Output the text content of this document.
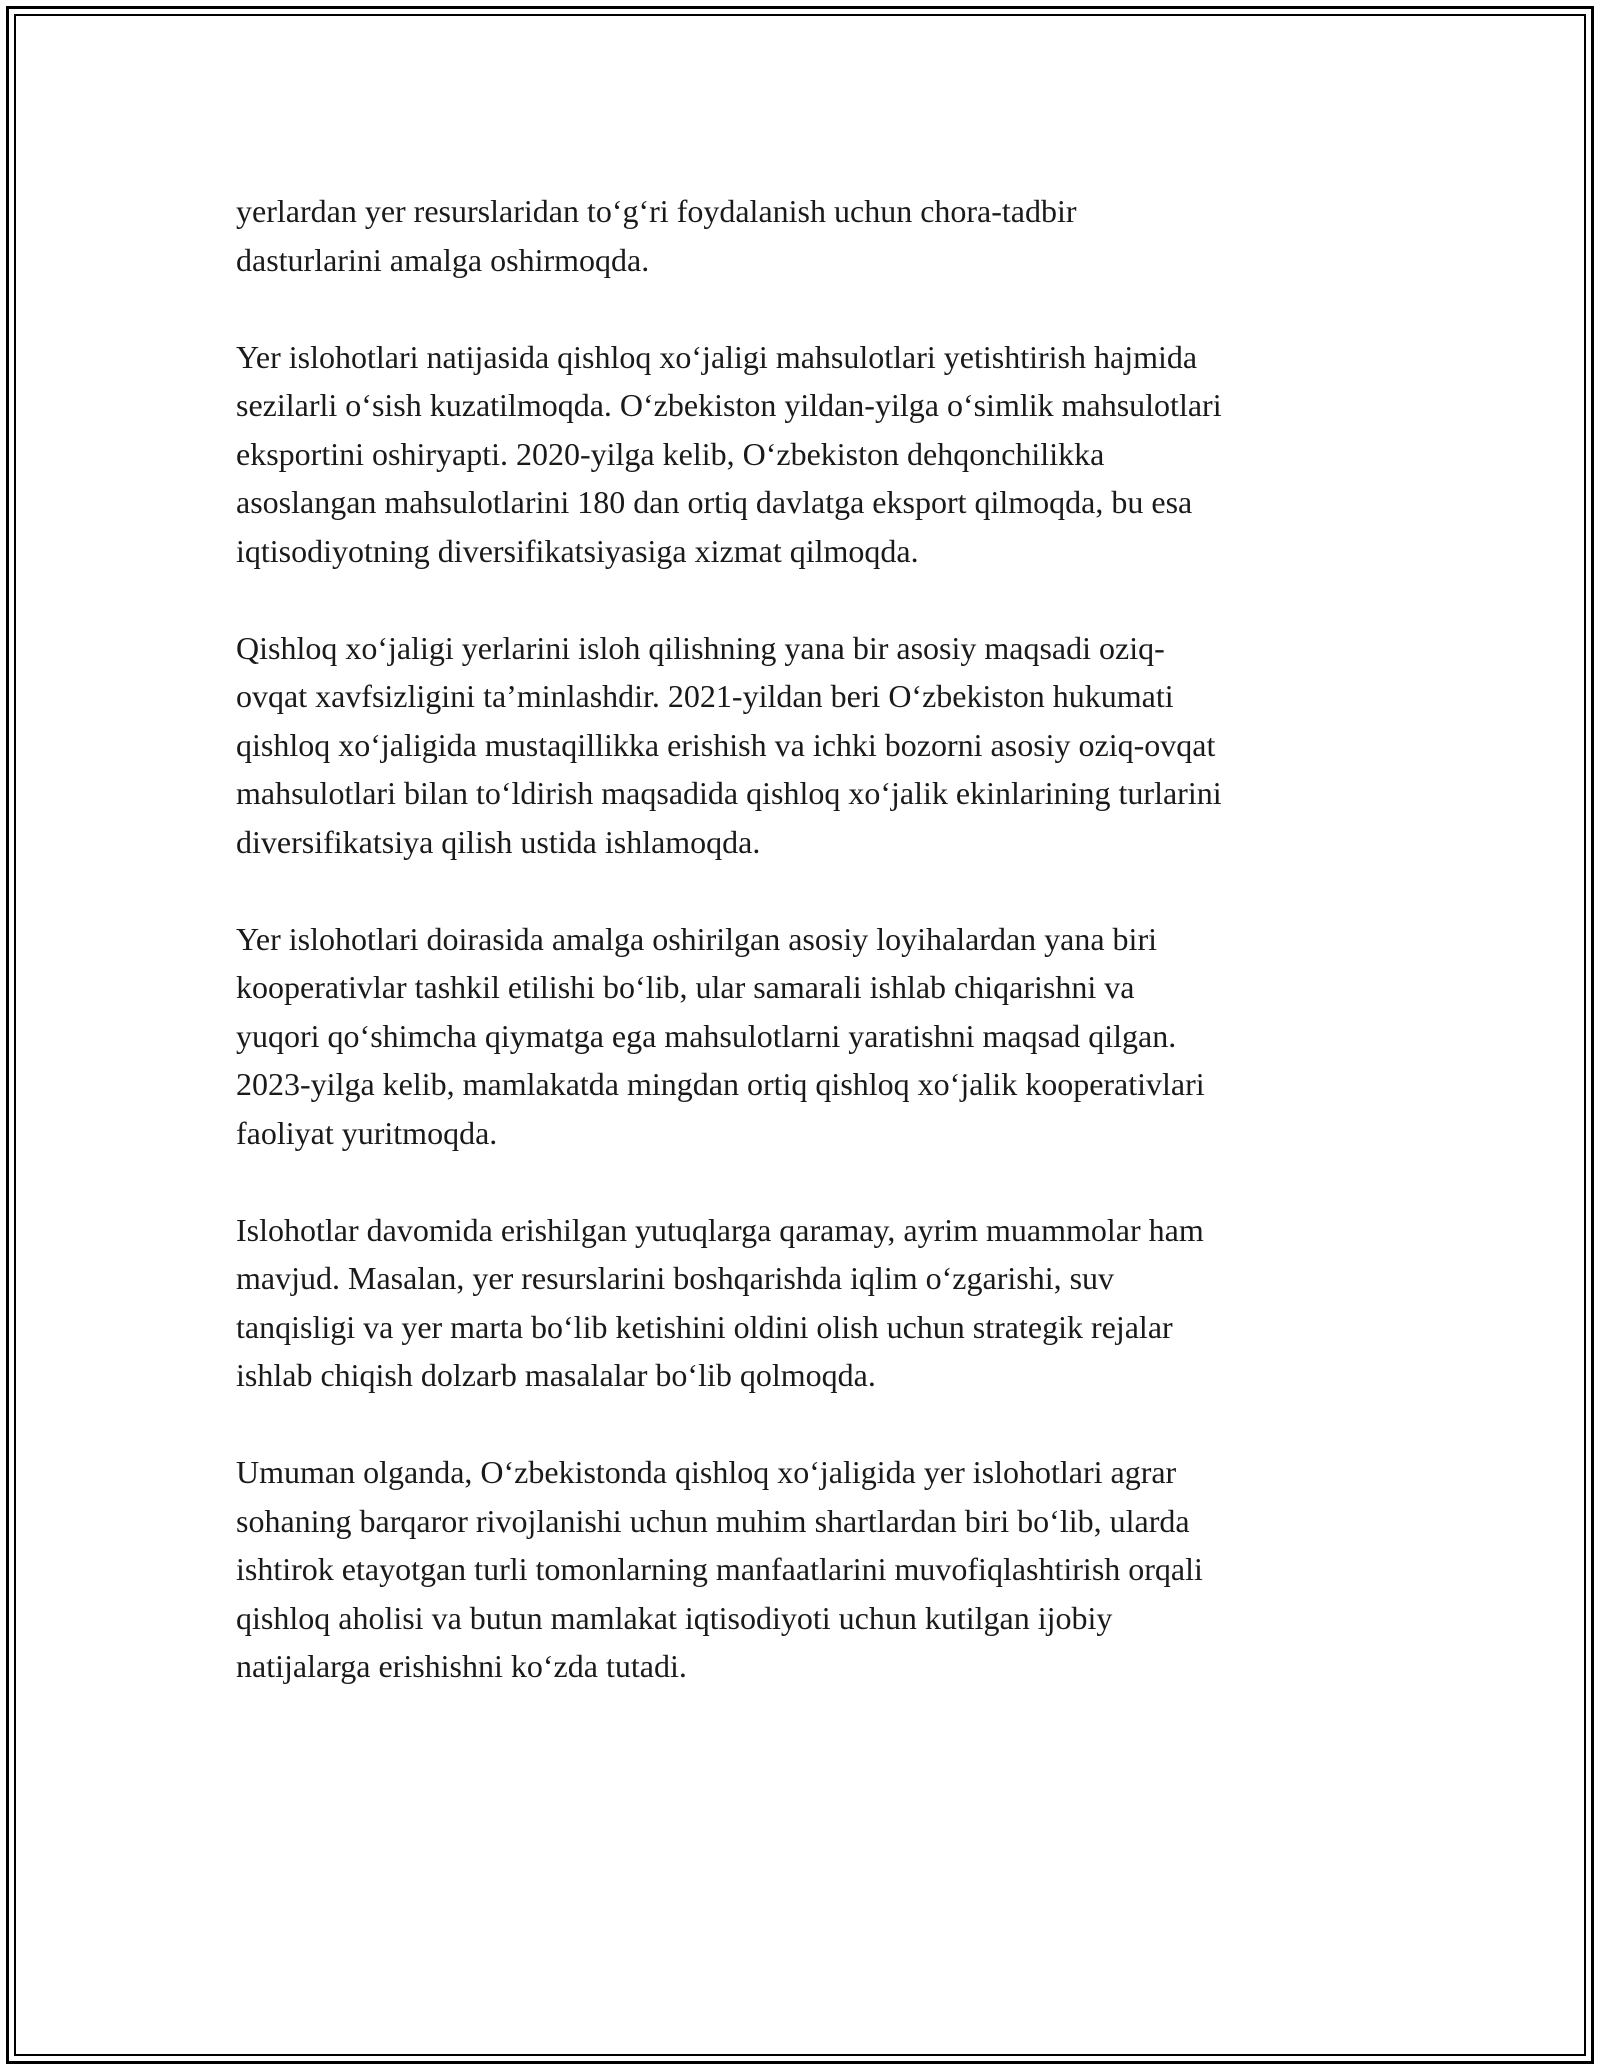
yerlardan yer resurslaridan to‘g‘ri foydalanish uchun chora-tadbir
dasturlarini amalga oshirmoqda.

Yer islohotlari natijasida qishloq xo‘jaligi mahsulotlari yetishtirish hajmida
sezilarli o‘sish kuzatilmoqda. O‘zbekiston yildan-yilga o‘simlik mahsulotlari
eksportini oshiryapti. 2020-yilga kelib, O‘zbekiston dehqonchilikka
asoslangan mahsulotlarini 180 dan ortiq davlatga eksport qilmoqda, bu esa
iqtisodiyotning diversifikatsiyasiga xizmat qilmoqda.

Qishloq xo‘jaligi yerlarini isloh qilishning yana bir asosiy maqsadi oziq-
ovqat xavfsizligini ta’minlashdir. 2021-yildan beri O‘zbekiston hukumati
qishloq xo‘jaligida mustaqillikka erishish va ichki bozorni asosiy oziq-ovqat
mahsulotlari bilan to‘ldirish maqsadida qishloq xo‘jalik ekinlarining turlarini
diversifikatsiya qilish ustida ishlamoqda.

Yer islohotlari doirasida amalga oshirilgan asosiy loyihalardan yana biri
kooperativlar tashkil etilishi bo‘lib, ular samarali ishlab chiqarishni va
yuqori qo‘shimcha qiymatga ega mahsulotlarni yaratishni maqsad qilgan.
2023-yilga kelib, mamlakatda mingdan ortiq qishloq xo‘jalik kooperativlari
faoliyat yuritmoqda.

Islohotlar davomida erishilgan yutuqlarga qaramay, ayrim muammolar ham
mavjud. Masalan, yer resurslarini boshqarishda iqlim o‘zgarishi, suv
tanqisligi va yer marta bo‘lib ketishini oldini olish uchun strategik rejalar
ishlab chiqish dolzarb masalalar bo‘lib qolmoqda.

Umuman olganda, O‘zbekistonda qishloq xo‘jaligida yer islohotlari agrar
sohaning barqaror rivojlanishi uchun muhim shartlardan biri bo‘lib, ularda
ishtirok etayotgan turli tomonlarning manfaatlarini muvofiqlashtirish orqali
qishloq aholisi va butun mamlakat iqtisodiyoti uchun kutilgan ijobiy
natijalarga erishishni ko‘zda tutadi.
